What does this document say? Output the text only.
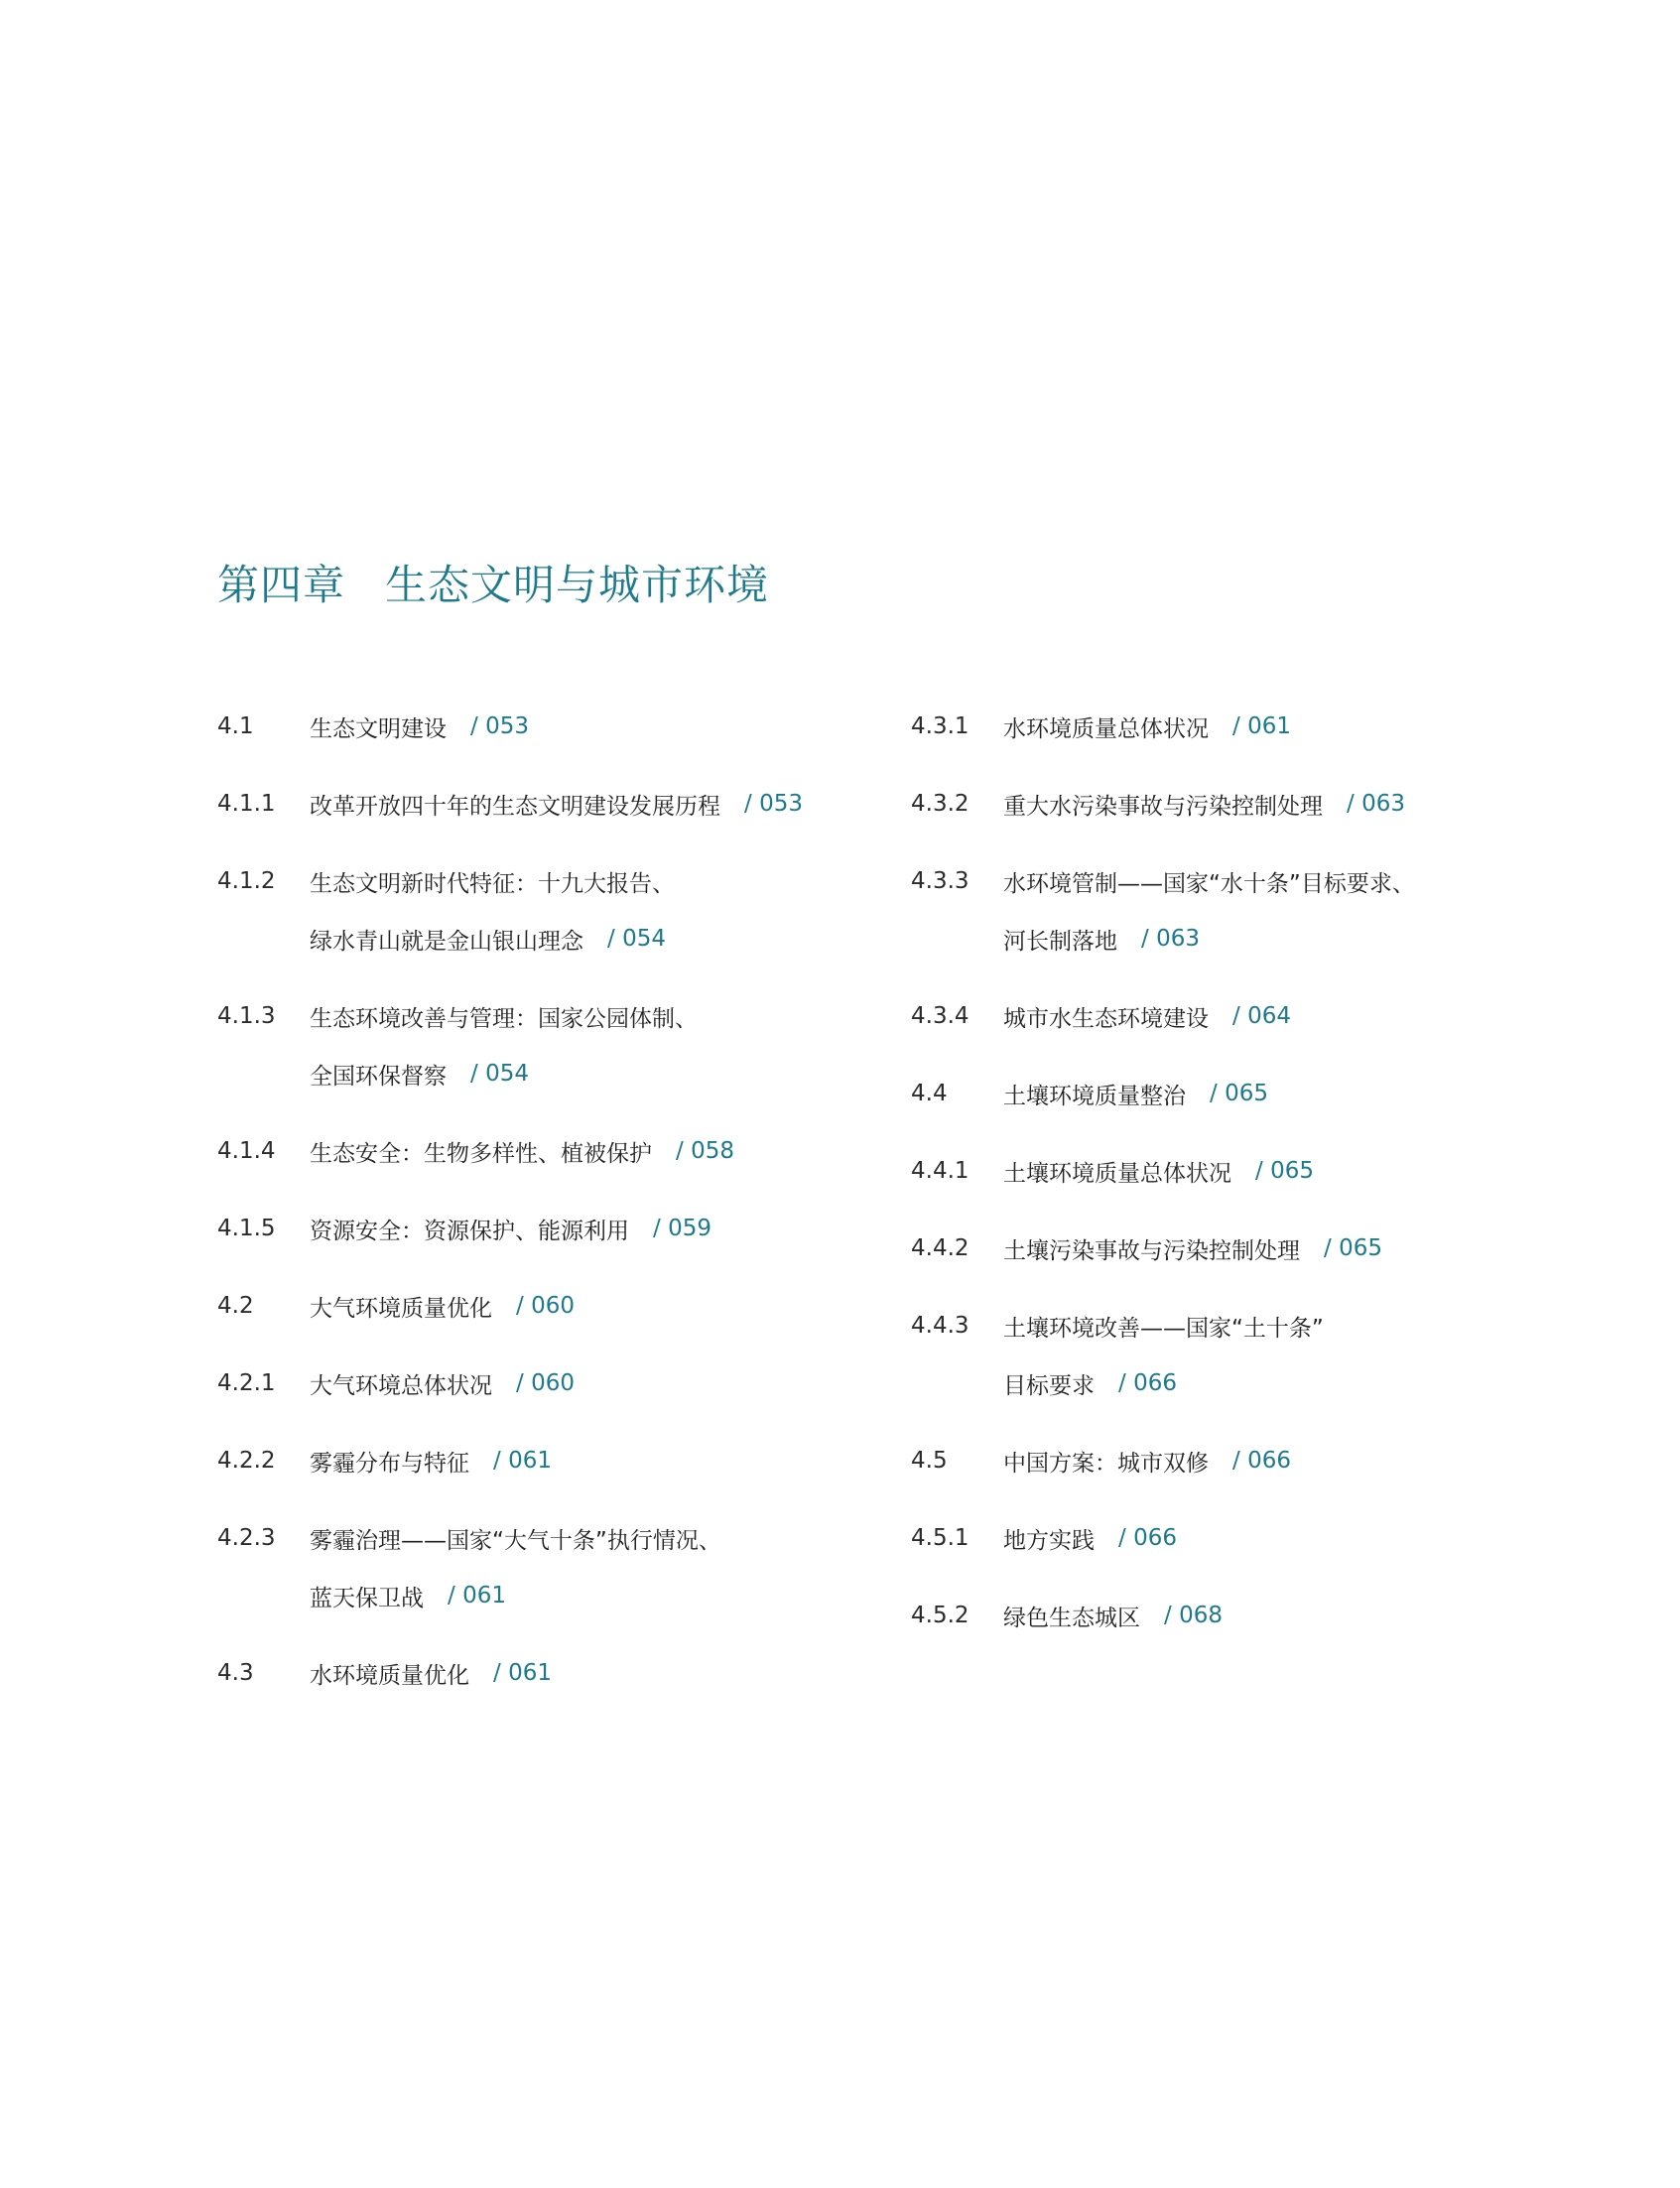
第四章 生态文明与城市环境
4.1	生态文明建设	/ 053
4.1.1	改革开放四十年的生态文明建设发展历程	/ 053
4.1.2	生态文明新时代特征：十九大报告、
绿水青山就是金山银山理念	/ 054
4.1.3	生态环境改善与管理：国家公园体制、
全国环保督察	/ 054
4.1.4	生态安全：生物多样性、植被保护	/ 058
4.1.5	资源安全：资源保护、能源利用	/ 059
4.2	大气环境质量优化	/ 060
4.2.1	大气环境总体状况	/ 060
4.2.2	雾霾分布与特征	/ 061
4.2.3	雾霾治理——国家“大气十条”执行情况、
蓝天保卫战	/ 061
4.3	水环境质量优化	/ 061
4.3.1	水环境质量总体状况	/ 061
4.3.2	重大水污染事故与污染控制处理	/ 063
4.3.3	水环境管制——国家“水十条”目标要求、
河长制落地	/ 063
4.3.4	城市水生态环境建设	/ 064
4.4	土壤环境质量整治	/ 065
4.4.1	土壤环境质量总体状况	/ 065
4.4.2	土壤污染事故与污染控制处理	/ 065
4.4.3	土壤环境改善——国家“土十条”
目标要求	/ 066
4.5	中国方案：城市双修	/ 066
4.5.1	地方实践	/ 066
4.5.2	绿色生态城区	/ 068
